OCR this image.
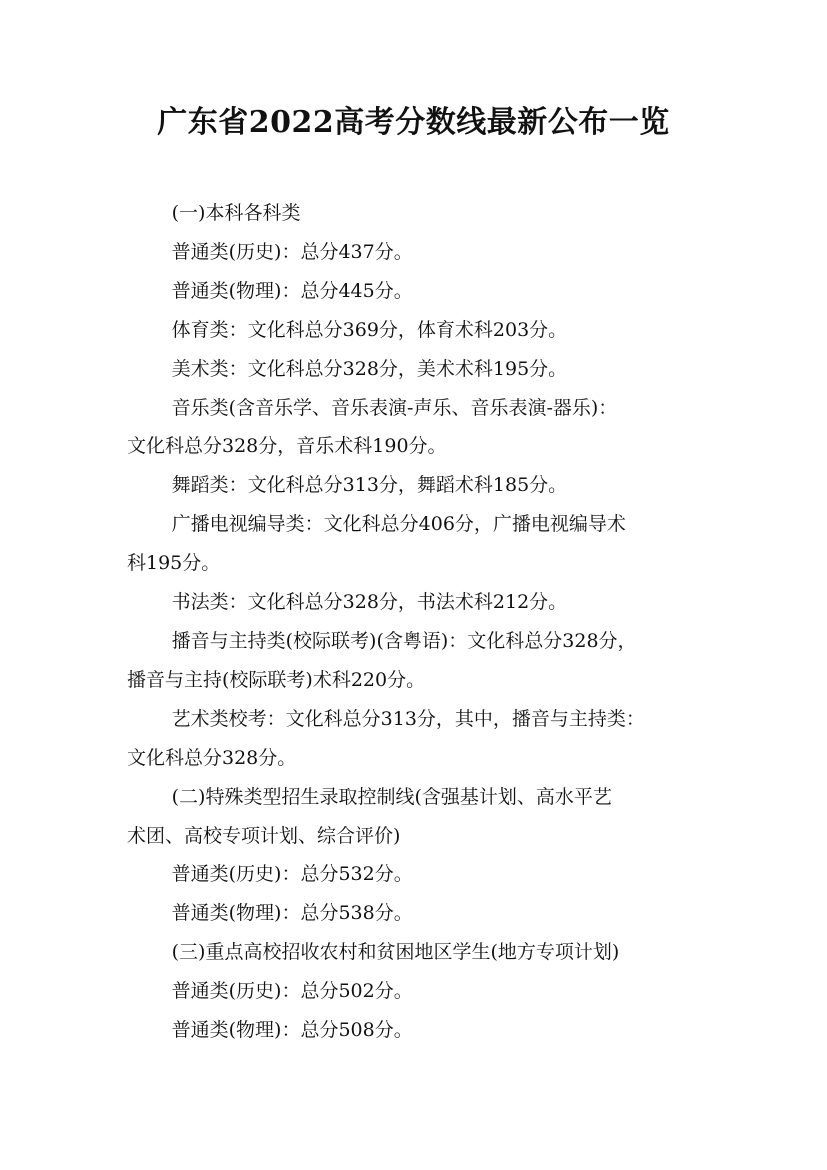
广东省2022高考分数线最新公布一览

(一)本科各科类

普通类(历史)：总分437分。

普通类(物理)：总分445分。

体育类：文化科总分369分，体育术科203分。

美术类：文化科总分328分，美术术科195分。

音乐类(含音乐学、音乐表演-声乐、音乐表演-器乐)：

文化科总分328分，音乐术科190分。

舞蹈类：文化科总分313分，舞蹈术科185分。

广播电视编导类：文化科总分406分，广播电视编导术

科195分。

书法类：文化科总分328分，书法术科212分。

播音与主持类(校际联考)(含粤语)：文化科总分328分，

播音与主持(校际联考)术科220分。

艺术类校考：文化科总分313分，其中，播音与主持类：

文化科总分328分。

(二)特殊类型招生录取控制线(含强基计划、高水平艺

术团、高校专项计划、综合评价)

普通类(历史)：总分532分。

普通类(物理)：总分538分。

(三)重点高校招收农村和贫困地区学生(地方专项计划)

普通类(历史)：总分502分。

普通类(物理)：总分508分。
